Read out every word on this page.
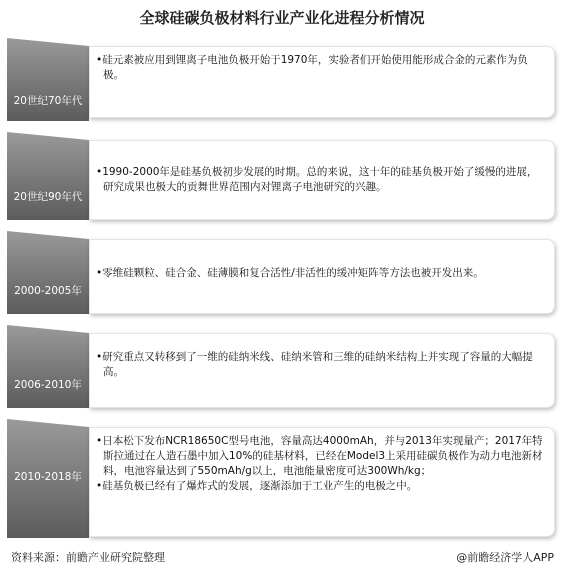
全球硅碳负极材料行业产业化进程分析情况
20世纪70年代
20世纪90年代
2000-2005年
2006-2010年
2010-2018年

•硅元素被应用到锂离子电池负极开始于1970年，实验者们开始使用能形成合金的元素作为负极。

•1990-2000年是硅基负极初步发展的时期。总的来说，这十年的硅基负极开始了缓慢的进展，研究成果也极大的贡舞世界范围内对锂离子电池研究的兴趣。

•零维硅颗粒、硅合金、硅薄膜和复合活性/非活性的缓冲矩阵等方法也被开发出来。

•研究重点又转移到了一维的硅纳米线、硅纳米管和三维的硅纳米结构上并实现了容量的大幅提高。

•日本松下发布NCR18650C型号电池，容量高达4000mAh，并与2013年实现量产；2017年特斯拉通过在人造石墨中加入10%的硅基材料，已经在Model3上采用硅碳负极作为动力电池新材料，电池容量达到了550mAh/g以上，电池能量密度可达300Wh/kg；

•硅基负极已经有了爆炸式的发展，逐渐添加于工业产生的电极之中。

资料来源：前瞻产业研究院整理	@前瞻经济学人APP
